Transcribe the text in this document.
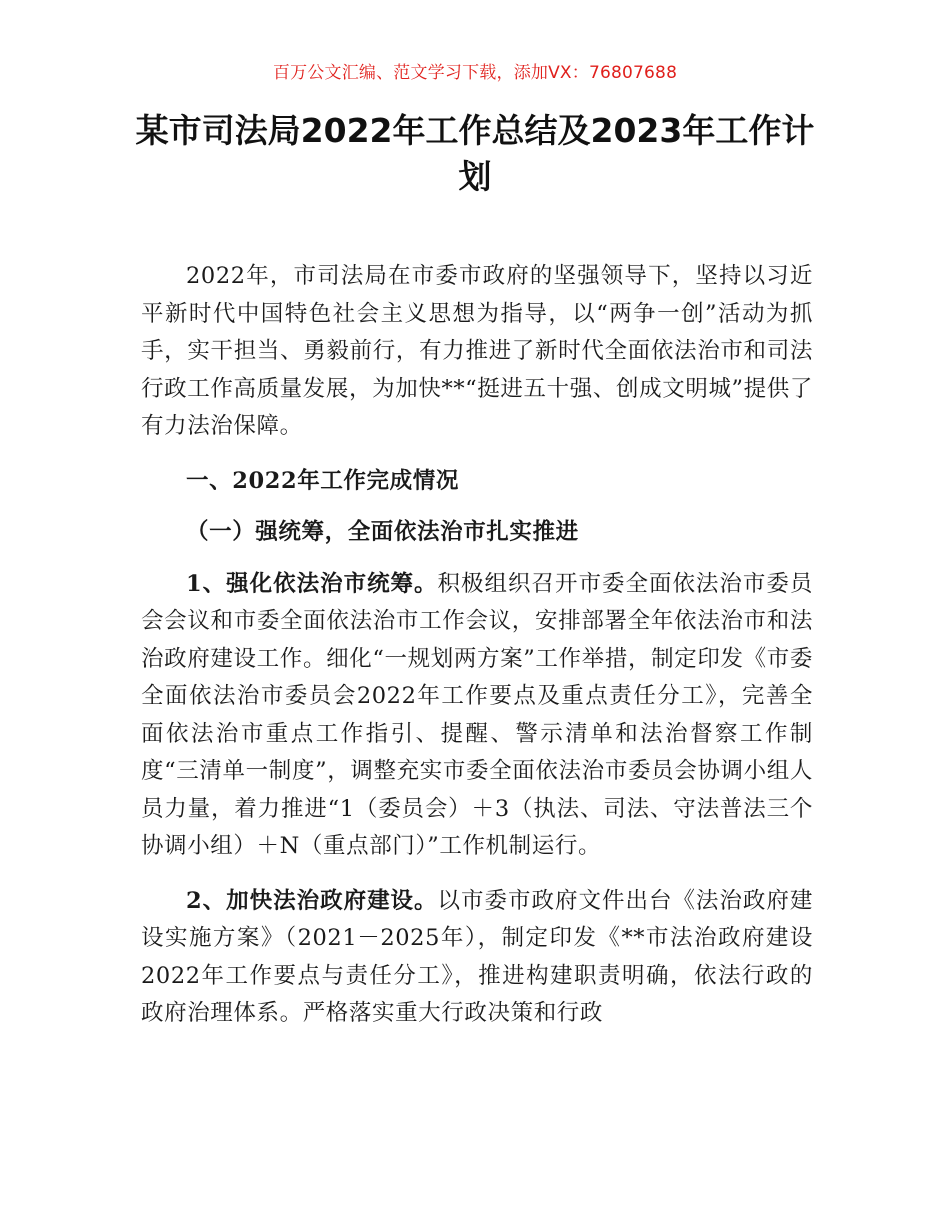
百万公文汇编、范文学习下载，添加VX：76807688
某市司法局2022年工作总结及2023年工作计划

2022年，市司法局在市委市政府的坚强领导下，坚持以习近平新时代中国特色社会主义思想为指导，以“两争一创”活动为抓手，实干担当、勇毅前行，有力推进了新时代全面依法治市和司法行政工作高质量发展，为加快**“挺进五十强、创成文明城”提供了有力法治保障。

一、2022年工作完成情况

（一）强统筹，全面依法治市扎实推进

1、强化依法治市统筹。积极组织召开市委全面依法治市委员会会议和市委全面依法治市工作会议，安排部署全年依法治市和法治政府建设工作。细化“一规划两方案”工作举措，制定印发《市委全面依法治市委员会2022年工作要点及重点责任分工》，完善全面依法治市重点工作指引、提醒、警示清单和法治督察工作制度“三清单一制度”，调整充实市委全面依法治市委员会协调小组人员力量，着力推进“1（委员会）＋3（执法、司法、守法普法三个协调小组）＋N（重点部门）”工作机制运行。

2、加快法治政府建设。以市委市政府文件出台《法治政府建设实施方案》（2021－2025年），制定印发《**市法治政府建设2022年工作要点与责任分工》，推进构建职责明确，依法行政的政府治理体系。严格落实重大行政决策和行政
